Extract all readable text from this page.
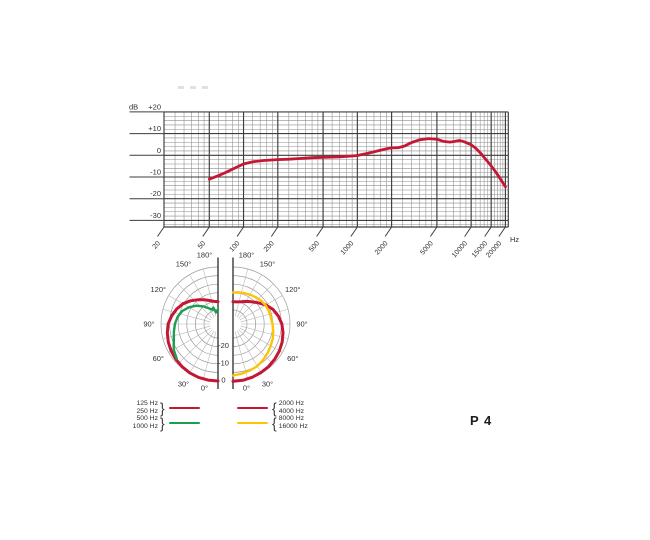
+20
+10
0
-10
-20
-30
dB
20	50	100	200	500	1000	2000	5000 10000 15000
20000
Hz
0°
30°
60°
90°
120°
150°
180°
0° 30°
60°
90°
120°
150°
180°
-20
-10
0
125 Hz
250 Hz }
500 Hz
1000 Hz }
{ 2000 Hz
4000 Hz
{ 8000 Hz
16000 Hz	P 4
